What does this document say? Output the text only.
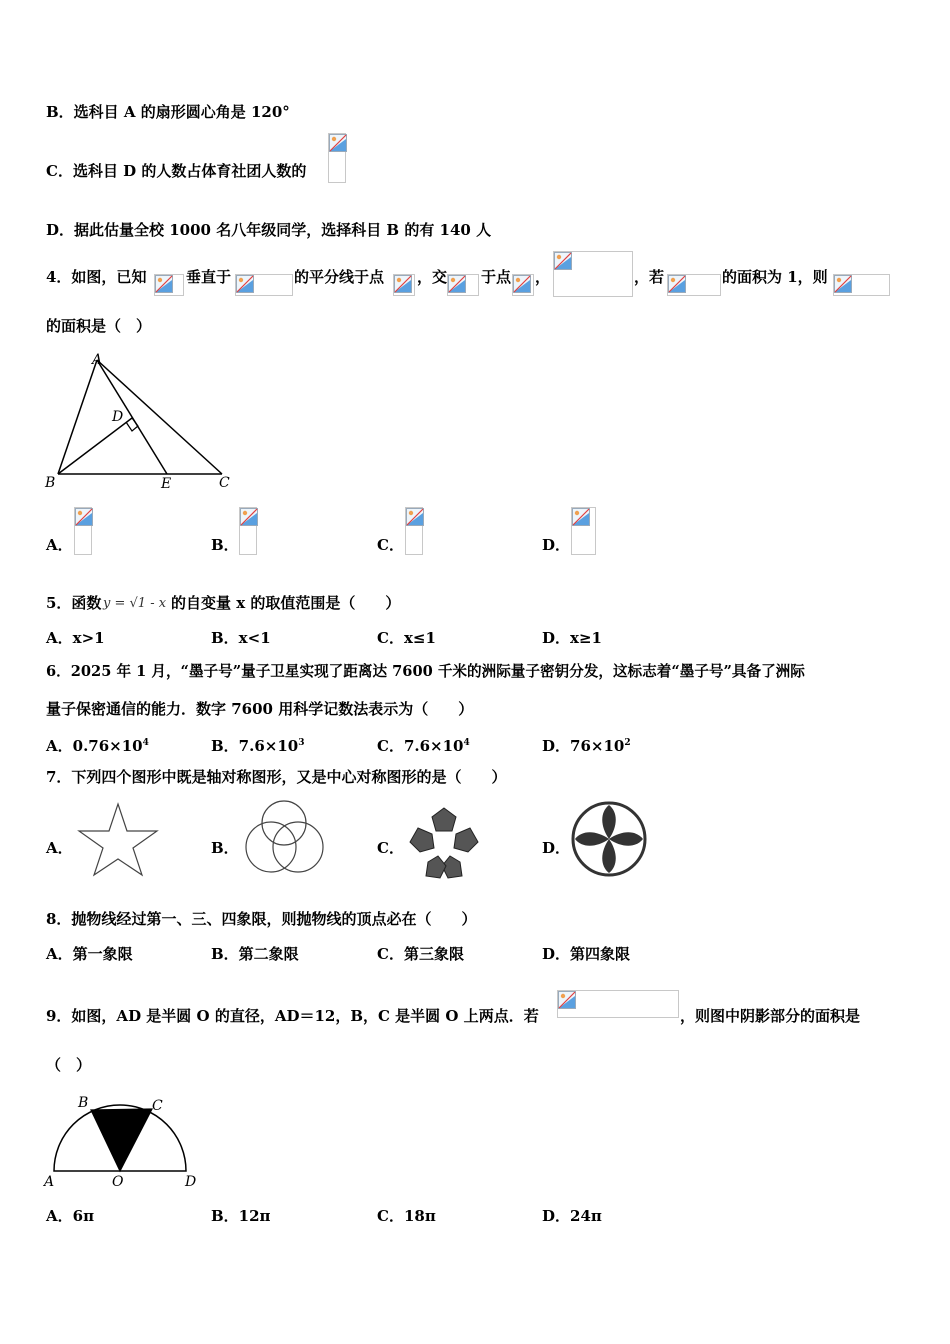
B．选科目 A 的扇形圆心角是 120°
C．选科目 D 的人数占体育社团人数的
D．据此估量全校 1000 名八年级同学，选择科目 B 的有 140 人
4．如图，已知	垂直于	的平分线于点 ，交 于点 ，	，若	的面积为 1，则
的面积是（　）
A
D
B	E	C
A．	B．	C．	D．
5．函数 y = √1 - x 的自变量 x 的取值范围是（　　）
A．x>1	B．x<1	C．x≤1	D．x≥1
6．2025 年 1 月，“墨子号”量子卫星实现了距离达 7600 千米的洲际量子密钥分发，这标志着“墨子号”具备了洲际
量子保密通信的能力．数字 7600 用科学记数法表示为（　　）
A．$0.76\times 10^4$	B．$7.6\times 10^3$	C．$7.6\times 10^4$	D．$76\times 10^2$
7．下列四个图形中既是轴对称图形，又是中心对称图形的是（　　）
A．	B．	C．	D．
8．抛物线经过第一、三、四象限，则抛物线的顶点必在（　　）
A．第一象限	B．第二象限	C．第三象限	D．第四象限
9．如图，AD 是半圆 O 的直径，AD＝12，B，C 是半圆 O 上两点．若	，则图中阴影部分的面积是
（　）
A
B	C
O	D
A．6π	B．12π	C．18π	D．24π
